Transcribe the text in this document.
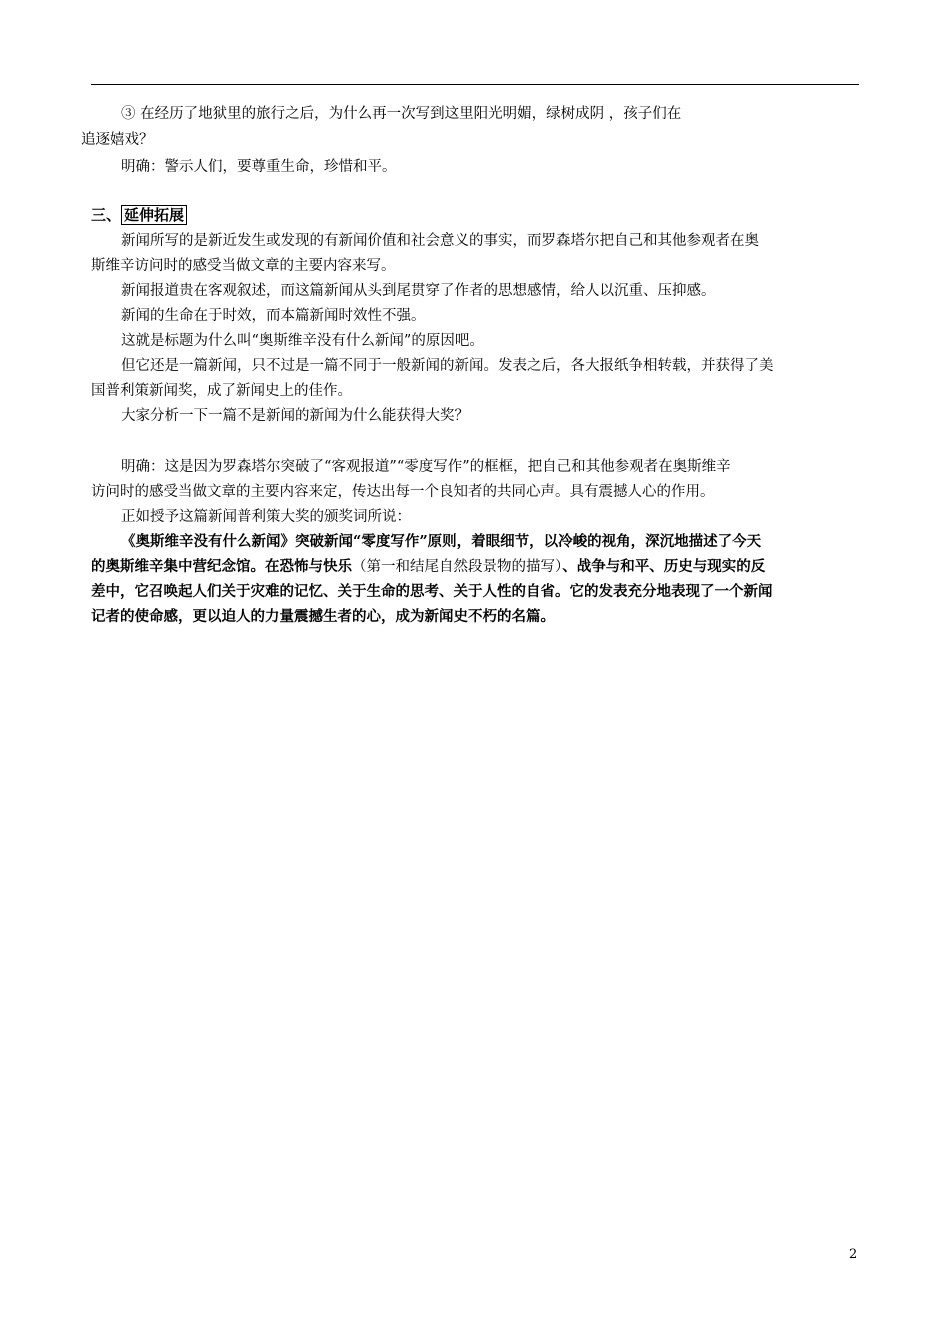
③ 在经历了地狱里的旅行之后，为什么再一次写到这里阳光明媚，绿树成阴 ，孩子们在
追逐嬉戏？
明确：警示人们，要尊重生命，珍惜和平。
三、 延伸拓展
新闻所写的是新近发生或发现的有新闻价值和社会意义的事实，而罗森塔尔把自己和其他参观者在奥
斯维辛访问时的感受当做文章的主要内容来写。
新闻报道贵在客观叙述，而这篇新闻从头到尾贯穿了作者的思想感情，给人以沉重、压抑感。
新闻的生命在于时效，而本篇新闻时效性不强。
这就是标题为什么叫“奥斯维辛没有什么新闻”的原因吧。
但它还是一篇新闻，只不过是一篇不同于一般新闻的新闻。发表之后，各大报纸争相转载，并获得了美
国普利策新闻奖，成了新闻史上的佳作。
大家分析一下一篇不是新闻的新闻为什么能获得大奖？
明确：这是因为罗森塔尔突破了“客观报道”“零度写作”的框框，把自己和其他参观者在奥斯维辛
访问时的感受当做文章的主要内容来定，传达出每一个良知者的共同心声。具有震撼人心的作用。
正如授予这篇新闻普利策大奖的颁奖词所说：
《奥斯维辛没有什么新闻》突破新闻“零度写作”原则，着眼细节，以冷峻的视角，深沉地描述了今天
的奥斯维辛集中营纪念馆。在恐怖与快乐（第一和结尾自然段景物的描写）、战争与和平、历史与现实的反
差中，它召唤起人们关于灾难的记忆、关于生命的思考、关于人性的自省。它的发表充分地表现了一个新闻
记者的使命感，更以迫人的力量震撼生者的心，成为新闻史不朽的名篇。
2
